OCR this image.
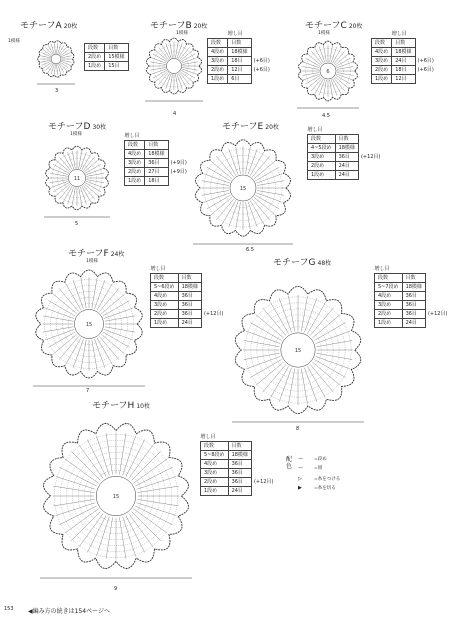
モチーフA 20枚
1模様
3

段数	目数	
2段め	15模様	
1段め	15目	
モチーフB 20枚
1模様
4
	増し目	
段数	目数	
4段め	18模様	
3段め	18目	(+6目)
2段め	12目	(+6目)
1段め	6目	
モチーフC 20枚
1模様
6
4.5
	増し目	
段数	目数	
4段め	18模様	
3段め	24目	(+6目)
2段め	18目	(+6目)
1段め	12目	
モチーフD 30枚
1模様
11
5
増し目		
段数	目数	
4段め	18模様	
3段め	36目	(+9目)
2段め	27目	(+9目)
1段め	18目	
モチーフE 20枚
15
6.5
増し目		
段数	目数	
4~5段め	18模様	
3段め	36目	(+12目)
2段め	24目	
1段め	24目	
モチーフF 24枚
1模様
15
7
増し目		
段数	目数	
5~6段め	18模様	
4段め	36目	
3段め	36目	
2段め	36目	(+12目)
1段め	24目	
モチーフG 48枚
15
8
増し目		
段数	目数	
5~7段め	18模様	
4段め	36目	
3段め	36目	
2段め	36目	(+12目)
1段め	24目	
モチーフH 10枚
15
9
増し目		
段数	目数	
5~8段め	18模様	
4段め	36目	
3段め	36目	
2段め	36目	(+12目)
1段め	24目	
配色
— =段め
— =紺
▷	=糸をつける
▶	=糸を切る
153 ◀編み方の続きは154ページへ
